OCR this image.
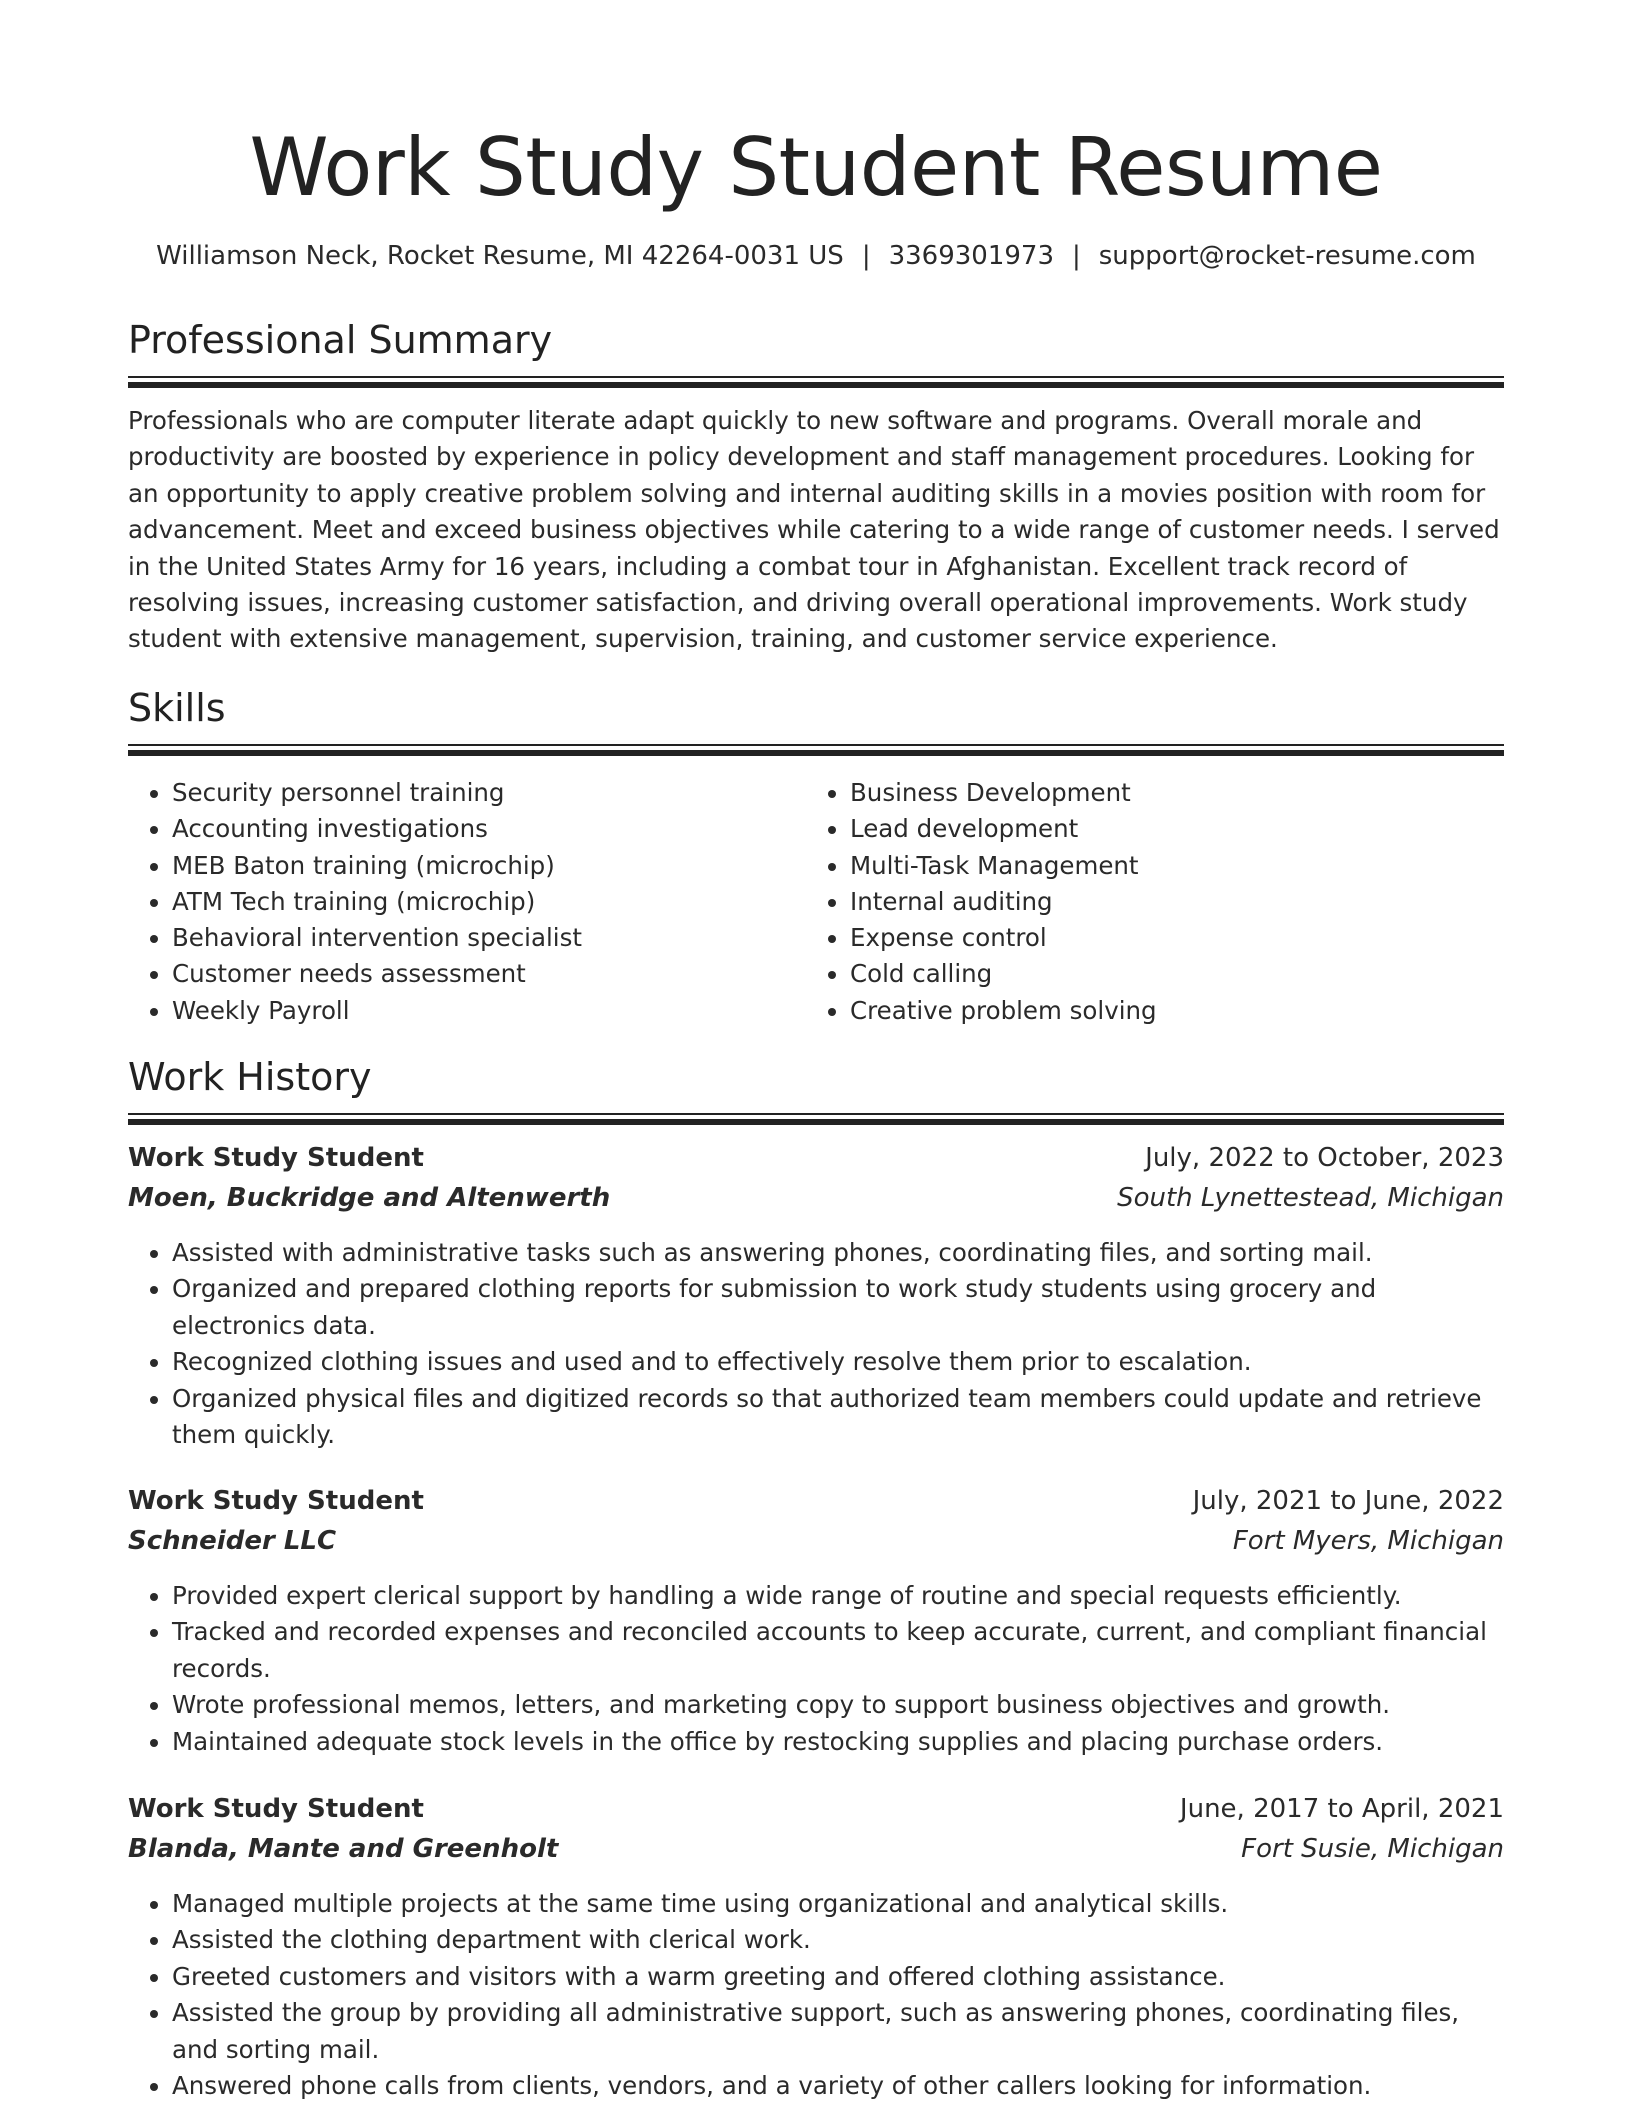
Work Study Student Resume
Williamson Neck, Rocket Resume, MI 42264-0031 US | 3369301973 | support@rocket-resume.com
Professional Summary

Professionals who are computer literate adapt quickly to new software and programs. Overall morale and productivity are boosted by experience in policy development and staff management procedures. Looking for an opportunity to apply creative problem solving and internal auditing skills in a movies position with room for advancement. Meet and exceed business objectives while catering to a wide range of customer needs. I served in the United States Army for 16 years, including a combat tour in Afghanistan. Excellent track record of resolving issues, increasing customer satisfaction, and driving overall operational improvements. Work study student with extensive management, supervision, training, and customer service experience.

Skills
• Security personnel training
• Accounting investigations
• MEB Baton training (microchip)
• ATM Tech training (microchip)
• Behavioral intervention specialist
• Customer needs assessment
• Weekly Payroll
• Business Development
• Lead development
• Multi-Task Management
• Internal auditing
• Expense control
• Cold calling
• Creative problem solving
Work History
Work Study Student	July, 2022 to October, 2023
Moen, Buckridge and Altenwerth	South Lynettestead, Michigan
• Assisted with administrative tasks such as answering phones, coordinating files, and sorting mail.
• Organized and prepared clothing reports for submission to work study students using grocery and electronics data.
• Recognized clothing issues and used and to effectively resolve them prior to escalation.
• Organized physical files and digitized records so that authorized team members could update and retrieve them quickly.
Work Study Student	July, 2021 to June, 2022
Schneider LLC	Fort Myers, Michigan
• Provided expert clerical support by handling a wide range of routine and special requests efficiently.
• Tracked and recorded expenses and reconciled accounts to keep accurate, current, and compliant financial records.
• Wrote professional memos, letters, and marketing copy to support business objectives and growth.
• Maintained adequate stock levels in the office by restocking supplies and placing purchase orders.
Work Study Student	June, 2017 to April, 2021
Blanda, Mante and Greenholt	Fort Susie, Michigan
• Managed multiple projects at the same time using organizational and analytical skills.
• Assisted the clothing department with clerical work.
• Greeted customers and visitors with a warm greeting and offered clothing assistance.
• Assisted the group by providing all administrative support, such as answering phones, coordinating files, and sorting mail.
• Answered phone calls from clients, vendors, and a variety of other callers looking for information.
